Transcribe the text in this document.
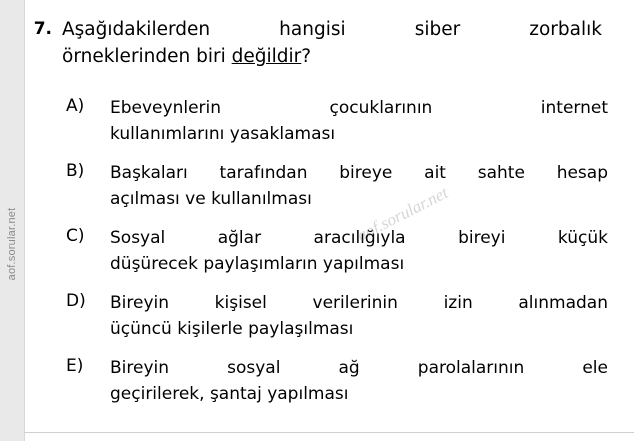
aof.sorular.net
7. Aşağıdakilerden hangisi siber zorbalık
örneklerinden biri değildir?
A)	Ebeveynlerin çocuklarının internet
kullanımlarını yasaklaması
B)	Başkaları tarafından bireye ait sahte hesap
açılması ve kullanılması
C)	Sosyal ağlar aracılığıyla bireyi küçük
düşürecek paylaşımların yapılması
D)	Bireyin kişisel verilerinin izin alınmadan
üçüncü kişilerle paylaşılması
E)	Bireyin sosyal ağ parolalarının ele
geçirilerek, şantaj yapılması
aof.sorular.net
